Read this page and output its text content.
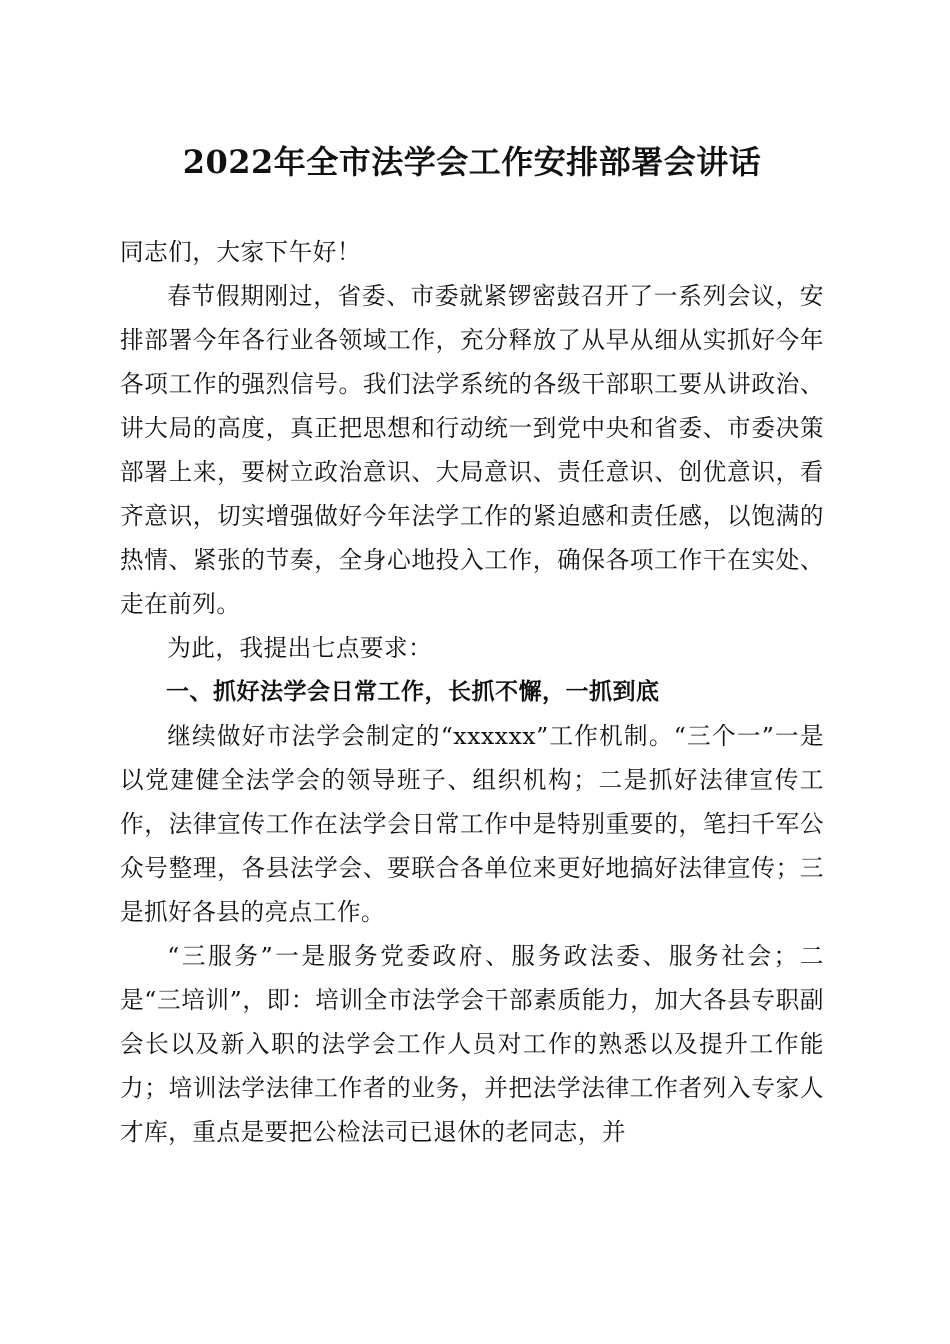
2022年全市法学会工作安排部署会讲话

同志们，大家下午好！

春节假期刚过，省委、市委就紧锣密鼓召开了一系列会议，安排部署今年各行业各领域工作，充分释放了从早从细从实抓好今年各项工作的强烈信号。我们法学系统的各级干部职工要从讲政治、讲大局的高度，真正把思想和行动统一到党中央和省委、市委决策部署上来，要树立政治意识、大局意识、责任意识、创优意识，看齐意识，切实增强做好今年法学工作的紧迫感和责任感，以饱满的热情、紧张的节奏，全身心地投入工作，确保各项工作干在实处、走在前列。

为此，我提出七点要求：

一、抓好法学会日常工作，长抓不懈，一抓到底

继续做好市法学会制定的“xxxxxx”工作机制。“三个一”一是以党建健全法学会的领导班子、组织机构；二是抓好法律宣传工作，法律宣传工作在法学会日常工作中是特别重要的，笔扫千军公众号整理，各县法学会、要联合各单位来更好地搞好法律宣传；三是抓好各县的亮点工作。

“三服务”一是服务党委政府、服务政法委、服务社会；二是“三培训”，即：培训全市法学会干部素质能力，加大各县专职副会长以及新入职的法学会工作人员对工作的熟悉以及提升工作能力；培训法学法律工作者的业务，并把法学法律工作者列入专家人才库，重点是要把公检法司已退休的老同志，并
